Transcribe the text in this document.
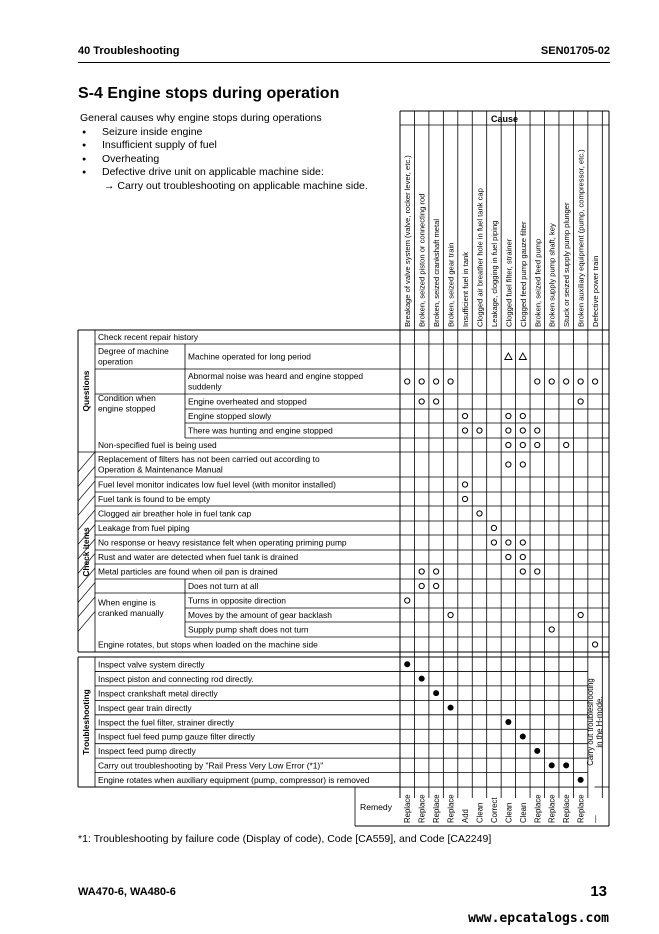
40 Troubleshooting	SEN01705-02
S-4 Engine stops during operation
General causes why engine stops during operations
● Seizure inside engine
● Insufficient supply of fuel
● Overheating
● Defective drive unit on applicable machine side:
→ Carry out troubleshooting on applicable machine side.
Cause
Breakage of valve system (valve, rocker lever, etc.) Broken, seized piston or connecting rod Broken, seized crankshaft metal Broken, seized gear train Insufficient fuel in tank Clogged air breather hole in fuel tank cap Leakage, clogging in fuel piping Clogged fuel filter, strainer Clogged feed pump gauze filter Broken, seized feed pump Broken supply pump shaft, key Stuck or seized supply pump plunger Broken auxiliary equipment (pump, compressor, etc.) Defective power train
Questions
Check items
Check recent repair history
Degree of machine operation
Machine operated for long period
Condition when engine stopped
Abnormal noise was heard and engine stopped suddenly
Engine overheated and stopped
Engine stopped slowly
There was hunting and engine stopped
Non-specified fuel is being used
Replacement of filters has not been carried out according to Operation & Maintenance Manual
Fuel level monitor indicates low fuel level (with monitor installed)
Fuel tank is found to be empty
Clogged air breather hole in fuel tank cap
Leakage from fuel piping
No response or heavy resistance felt when operating priming pump
Rust and water are detected when fuel tank is drained
Metal particles are found when oil pan is drained
When engine is cranked manually
Does not turn at all
Turns in opposite direction
Moves by the amount of gear backlash
Supply pump shaft does not turn
Engine rotates, but stops when loaded on the machine side
Troubleshooting
Inspect valve system directly
Inspect piston and connecting rod directly.
Inspect crankshaft metal directly
Inspect gear train directly
Inspect the fuel filter, strainer directly
Inspect fuel feed pump gauze filter directly
Inspect feed pump directly
Carry out troubleshooting by "Rail Press Very Low Error (*1)"
Engine rotates when auxiliary equipment (pump, compressor) is removed
Carry out troubleshooting in the H-mode.
Remedy Replace Replace Replace Replace Add Clean Correct Clean Clean Replace Replace Replace Replace —
*1: Troubleshooting by failure code (Display of code), Code [CA559], and Code [CA2249]
WA470-6, WA480-6	13
www.epcatalogs.com
